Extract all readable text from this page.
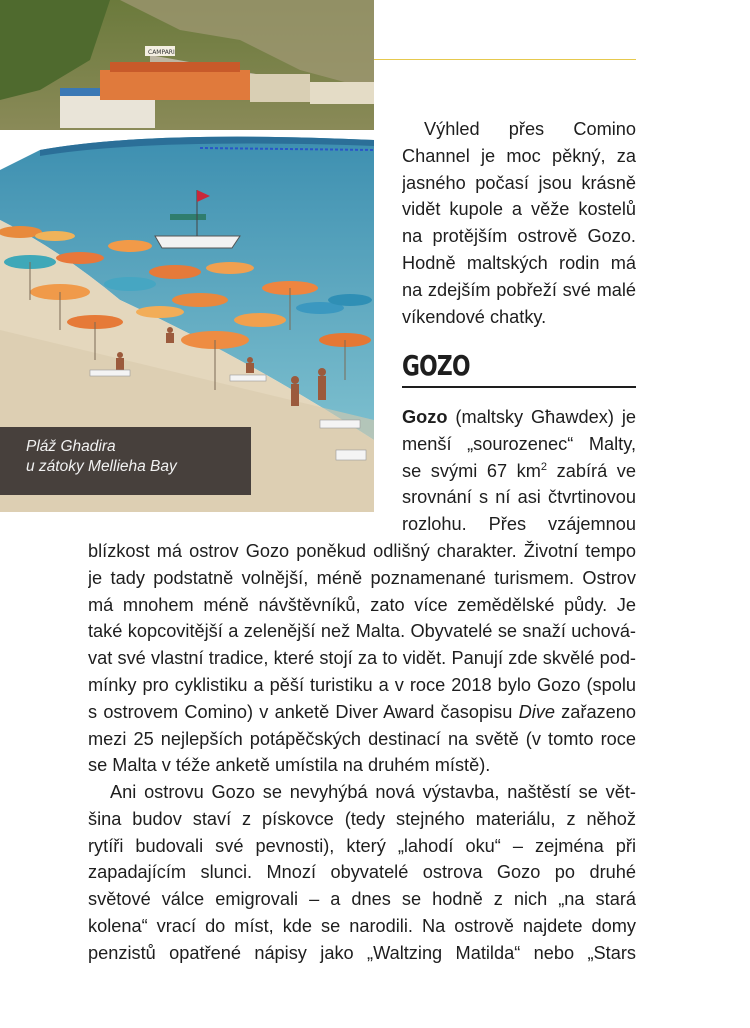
CAMPARI
Pláž Ghadira
u zátoky Mellieha Bay
Výhled přes Comino
Channel je moc pěkný, za
jasného počasí jsou krásně
vidět kupole a věže kostelů
na protějším ostrově Gozo.
Hodně maltských rodin má
na zdejším pobřeží své malé
víkendové chatky.
GOZO
Gozo (maltsky Għawdex) je
menší „sourozenec“ Malty,
se svými 67 $km^2$ zabírá ve
srovnání s ní asi čtvrtinovou
rozlohu. Přes vzájemnou
blízkost má ostrov Gozo poněkud odlišný charakter. Životní tempo
je tady podstatně volnější, méně poznamenané turismem. Ostrov
má mnohem méně návštěvníků, zato více zemědělské půdy. Je
také kopcovitější a zelenější než Malta. Obyvatelé se snaží uchová-
vat své vlastní tradice, které stojí za to vidět. Panují zde skvělé pod-
mínky pro cyklistiku a pěší turistiku a v roce 2018 bylo Gozo (spolu
s ostrovem Comino) v anketě Diver Award časopisu Dive zařazeno
mezi 25 nejlepších potápěčských destinací na světě (v tomto roce
se Malta v téže anketě umístila na druhém místě).
Ani ostrovu Gozo se nevyhýbá nová výstavba, naštěstí se vět-
šina budov staví z pískovce (tedy stejného materiálu, z něhož
rytíři budovali své pevnosti), který „lahodí oku“ – zejména při
zapadajícím slunci. Mnozí obyvatelé ostrova Gozo po druhé
světové válce emigrovali – a dnes se hodně z nich „na stará
kolena“ vrací do míst, kde se narodili. Na ostrově najdete domy
penzistů opatřené nápisy jako „Waltzing Matilda“ nebo „Stars
